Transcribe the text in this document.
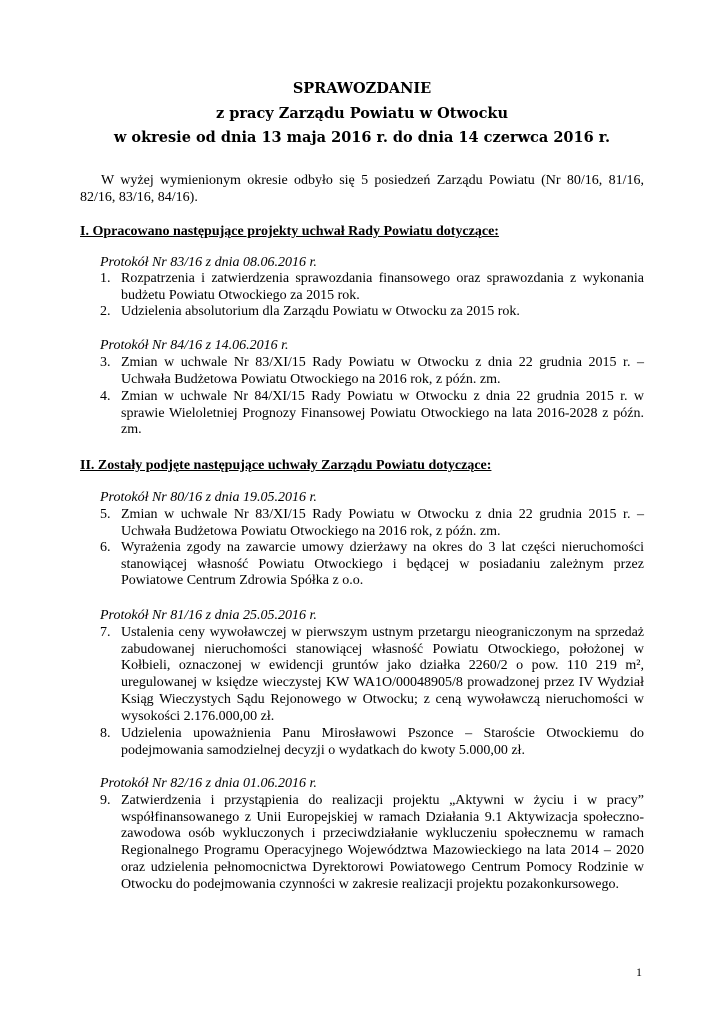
SPRAWOZDANIE
z pracy Zarządu Powiatu w Otwocku
w okresie od dnia 13 maja 2016 r. do dnia 14 czerwca 2016 r.
W wyżej wymienionym okresie odbyło się 5 posiedzeń Zarządu Powiatu (Nr 80/16, 81/16, 82/16, 83/16, 84/16).
I. Opracowano następujące projekty uchwał Rady Powiatu dotyczące:
Protokół Nr 83/16 z dnia 08.06.2016 r.
1. Rozpatrzenia i zatwierdzenia sprawozdania finansowego oraz sprawozdania z wykonania budżetu Powiatu Otwockiego za 2015 rok.
2. Udzielenia absolutorium dla Zarządu Powiatu w Otwocku za 2015 rok.
Protokół Nr 84/16 z 14.06.2016 r.
3. Zmian w uchwale Nr 83/XI/15 Rady Powiatu w Otwocku z dnia 22 grudnia 2015 r. – Uchwała Budżetowa Powiatu Otwockiego na 2016 rok, z późn. zm.
4. Zmian w uchwale Nr 84/XI/15 Rady Powiatu w Otwocku z dnia 22 grudnia 2015 r. w sprawie Wieloletniej Prognozy Finansowej Powiatu Otwockiego na lata 2016-2028 z późn. zm.
II. Zostały podjęte następujące uchwały Zarządu Powiatu dotyczące:
Protokół Nr 80/16 z dnia 19.05.2016 r.
5. Zmian w uchwale Nr 83/XI/15 Rady Powiatu w Otwocku z dnia 22 grudnia 2015 r. – Uchwała Budżetowa Powiatu Otwockiego na 2016 rok, z późn. zm.
6. Wyrażenia zgody na zawarcie umowy dzierżawy na okres do 3 lat części nieruchomości stanowiącej własność Powiatu Otwockiego i będącej w posiadaniu zależnym przez Powiatowe Centrum Zdrowia Spółka z o.o.
Protokół Nr 81/16 z dnia 25.05.2016 r.
7. Ustalenia ceny wywoławczej w pierwszym ustnym przetargu nieograniczonym na sprzedaż zabudowanej nieruchomości stanowiącej własność Powiatu Otwockiego, położonej w Kołbieli, oznaczonej w ewidencji gruntów jako działka 2260/2 o pow. 110 219 m², uregulowanej w księdze wieczystej KW WA1O/00048905/8 prowadzonej przez IV Wydział Ksiąg Wieczystych Sądu Rejonowego w Otwocku; z ceną wywoławczą nieruchomości w wysokości 2.176.000,00 zł.
8. Udzielenia upoważnienia Panu Mirosławowi Pszonce – Staroście Otwockiemu do podejmowania samodzielnej decyzji o wydatkach do kwoty 5.000,00 zł.
Protokół Nr 82/16 z dnia 01.06.2016 r.
9. Zatwierdzenia i przystąpienia do realizacji projektu „Aktywni w życiu i w pracy” współfinansowanego z Unii Europejskiej w ramach Działania 9.1 Aktywizacja społeczno-zawodowa osób wykluczonych i przeciwdziałanie wykluczeniu społecznemu w ramach Regionalnego Programu Operacyjnego Województwa Mazowieckiego na lata 2014 – 2020 oraz udzielenia pełnomocnictwa Dyrektorowi Powiatowego Centrum Pomocy Rodzinie w Otwocku do podejmowania czynności w zakresie realizacji projektu pozakonkursowego.
1
